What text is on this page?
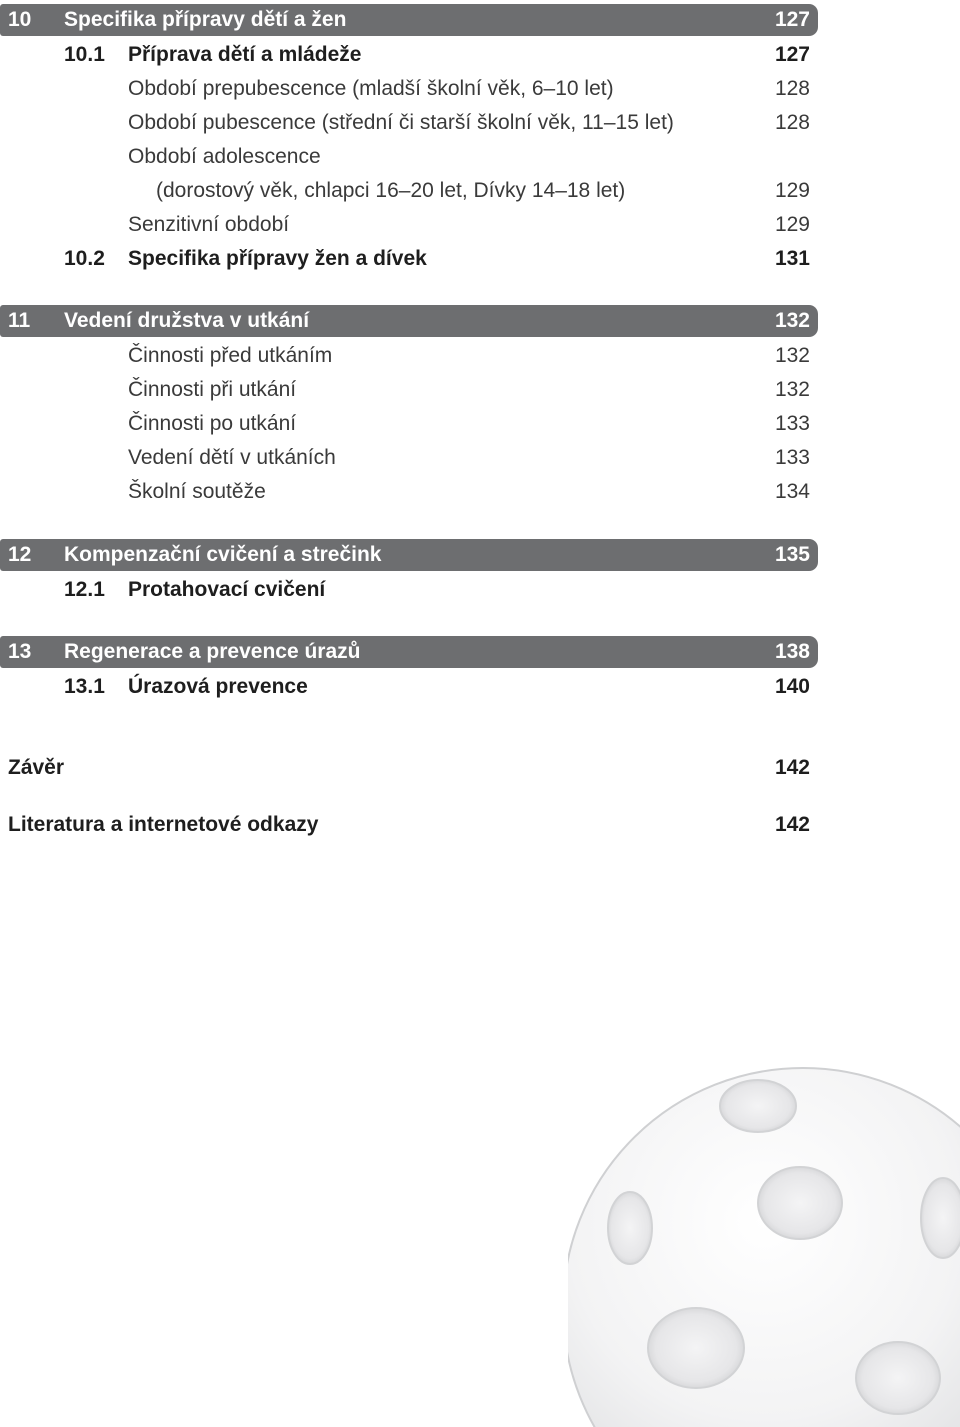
10 Specifika přípravy dětí a žen	127
10.1 Příprava dětí a mládeže	127
Období prepubescence (mladší školní věk, 6–10 let)	128
Období pubescence (střední či starší školní věk, 11–15 let)	128
Období adolescence
(dorostový věk, chlapci 16–20 let, Dívky 14–18 let)	129
Senzitivní období	129
10.2 Specifika přípravy žen a dívek	131
11 Vedení družstva v utkání	132
Činnosti před utkáním	132
Činnosti při utkání	132
Činnosti po utkání	133
Vedení dětí v utkáních	133
Školní soutěže	134
12 Kompenzační cvičení a strečink	135
12.1 Protahovací cvičení
13 Regenerace a prevence úrazů	138
13.1 Úrazová prevence	140
Závěr	142
Literatura a internetové odkazy	142
